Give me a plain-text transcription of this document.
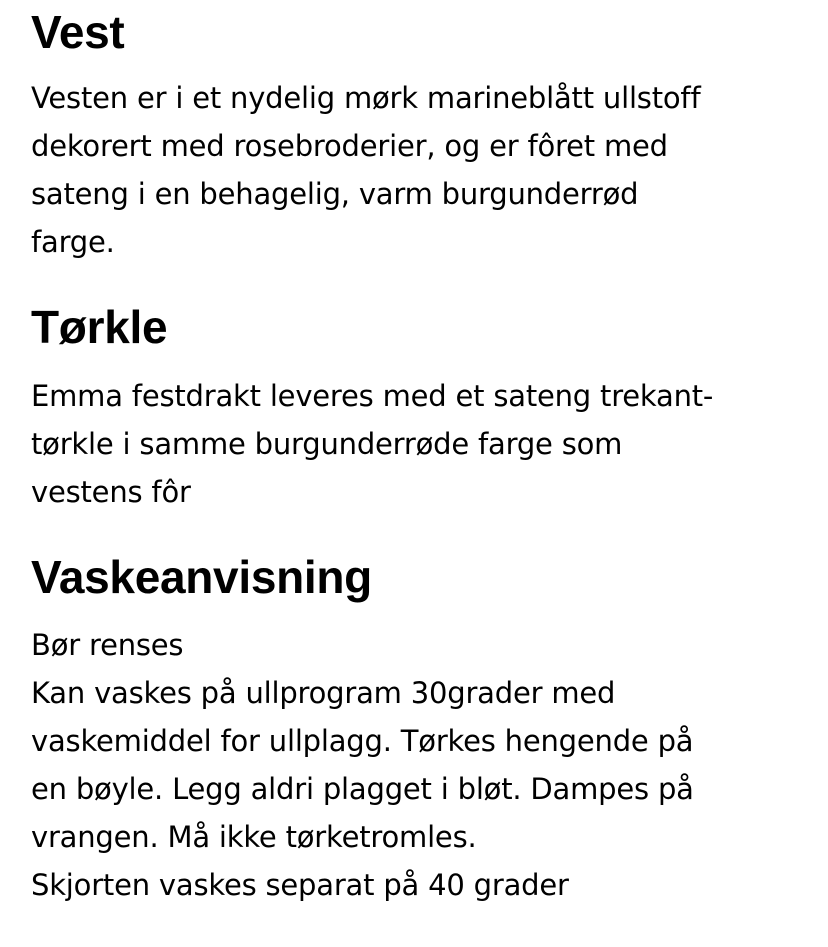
Vest

Vesten er i et nydelig mørk marineblått ullstoff
dekorert med rosebroderier, og er fôret med
sateng i en behagelig, varm burgunderrød
farge.

Tørkle

Emma festdrakt leveres med et sateng trekant-
tørkle i samme burgunderrøde farge som
vestens fôr

Vaskeanvisning

Bør renses
Kan vaskes på ullprogram 30grader med
vaskemiddel for ullplagg. Tørkes hengende på
en bøyle. Legg aldri plagget i bløt. Dampes på
vrangen. Må ikke tørketromles.
Skjorten vaskes separat på 40 grader
